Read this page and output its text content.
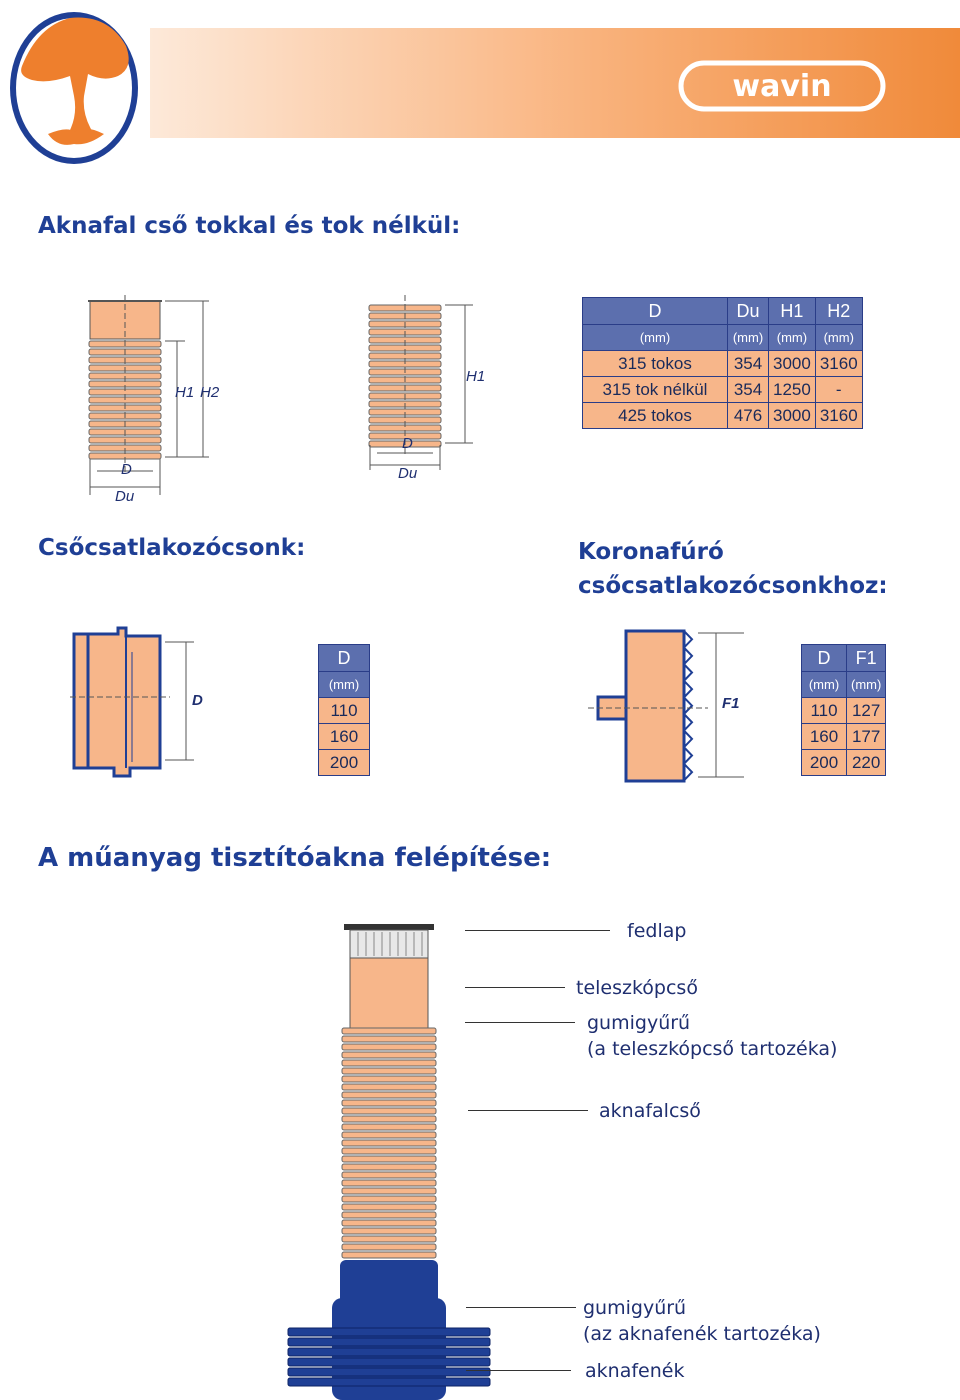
wavin
Aknafal cső tokkal és tok nélkül:
D
Du
H1 H2
D
Du
H1
D	Du	H1	H2
(mm)	(mm)	(mm)	(mm)
315 tokos	354	3000	3160
315 tok nélkül	354	1250	-
425 tokos	476	3000	3160
Csőcsatlakozócsonk:	Koronafúró
csőcsatlakozócsonkhoz:
D
D
(mm)
110
160
200
F1
D	F1
(mm)	(mm)
110	127
160	177
200	220
A műanyag tisztítóakna felépítése:
fedlap
teleszkópcső
gumigyűrű
(a teleszkópcső tartozéka)
aknafalcső
gumigyűrű
(az aknafenék tartozéka)
aknafenék
